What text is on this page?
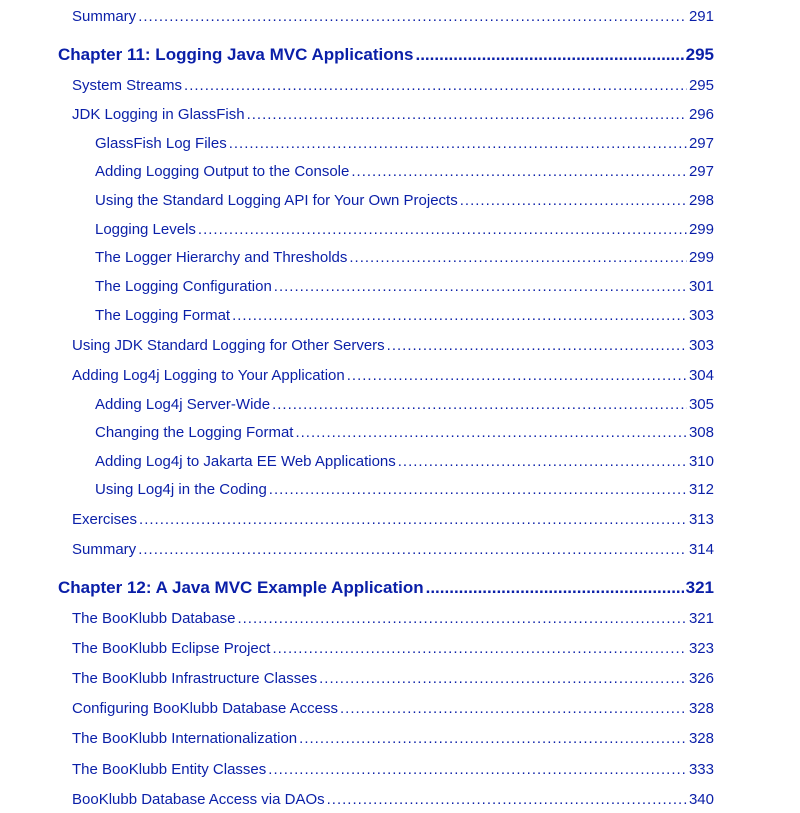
Summary .....	291
Chapter 11: Logging Java MVC Applications .....	295
System Streams .....	295
JDK Logging in GlassFish .....	296
GlassFish Log Files .....	297
Adding Logging Output to the Console .....	297
Using the Standard Logging API for Your Own Projects .....	298
Logging Levels .....	299
The Logger Hierarchy and Thresholds .....	299
The Logging Configuration .....	301
The Logging Format .....	303
Using JDK Standard Logging for Other Servers .....	303
Adding Log4j Logging to Your Application .....	304
Adding Log4j Server-Wide .....	305
Changing the Logging Format .....	308
Adding Log4j to Jakarta EE Web Applications .....	310
Using Log4j in the Coding .....	312
Exercises .....	313
Summary .....	314
Chapter 12: A Java MVC Example Application .....	321
The BooKlubb Database .....	321
The BooKlubb Eclipse Project .....	323
The BooKlubb Infrastructure Classes .....	326
Configuring BooKlubb Database Access .....	328
The BooKlubb Internationalization .....	328
The BooKlubb Entity Classes .....	333
BooKlubb Database Access via DAOs .....	340
